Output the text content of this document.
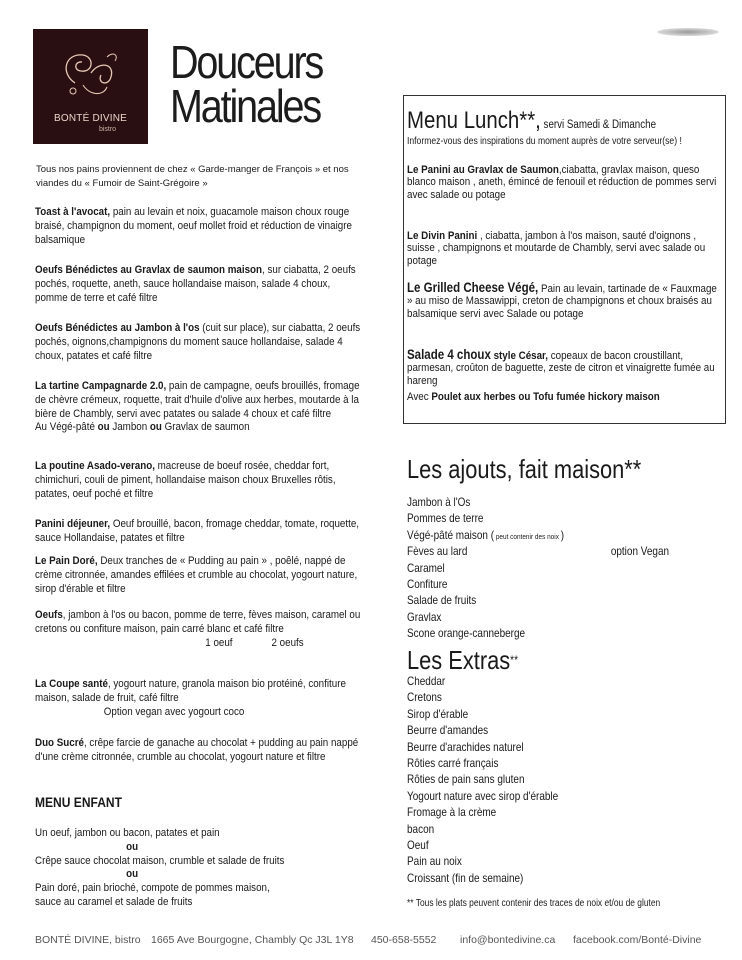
BONTÉ DIVINE
bistro
Douceurs
Matinales
Tous nos pains proviennent de chez « Garde-manger de François » et nos viandes du « Fumoir de Saint-Grégoire »
Toast à l'avocat, pain au levain et noix, guacamole maison choux rouge braisé, champignon du moment, oeuf mollet froid et réduction de vinaigre balsamique
Oeufs Bénédictes au Gravlax de saumon maison, sur ciabatta, 2 oeufs pochés, roquette, aneth, sauce hollandaise maison, salade 4 choux, pomme de terre et café filtre
Oeufs Bénédictes au Jambon à l'os (cuit sur place), sur ciabatta, 2 oeufs pochés, oignons,champignons du moment sauce hollandaise, salade 4 choux, patates et café filtre
La tartine Campagnarde 2.0, pain de campagne, oeufs brouillés, fromage de chèvre crémeux, roquette, trait d'huile d'olive aux herbes, moutarde à la bière de Chambly, servi avec patates ou salade 4 choux et café filtre
Au Végé-pâté ou Jambon ou Gravlax de saumon
La poutine Asado-verano, macreuse de boeuf rosée, cheddar fort, chimichuri, couli de piment, hollandaise maison choux Bruxelles rôtis, patates, oeuf poché et filtre
Panini déjeuner, Oeuf brouillé, bacon, fromage cheddar, tomate, roquette, sauce Hollandaise, patates et filtre
Le Pain Doré, Deux tranches de « Pudding au pain » , poêlé, nappé de crème citronnée, amandes effilées et crumble au chocolat, yogourt nature, sirop d'érable et filtre
Oeufs, jambon à l'os ou bacon, pomme de terre, fèves maison, caramel ou cretons ou confiture maison, pain carré blanc et café filtre
1 oeuf	2 oeufs
La Coupe santé, yogourt nature, granola maison bio protéiné, confiture maison, salade de fruit, café filtre
Option vegan avec yogourt coco
Duo Sucré, crêpe farcie de ganache au chocolat + pudding au pain nappé d'une crème citronnée, crumble au chocolat, yogourt nature et filtre
MENU ENFANT
Un oeuf, jambon ou bacon, patates et pain
ou
Crêpe sauce chocolat maison, crumble et salade de fruits
ou
Pain doré, pain brioché, compote de pommes maison,
sauce au caramel et salade de fruits
Menu Lunch**, servi Samedi & Dimanche
Informez-vous des inspirations du moment auprès de votre serveur(se) !
Le Panini au Gravlax de Saumon,ciabatta, gravlax maison, queso blanco maison , aneth, émincé de fenouil et réduction de pommes servi avec salade ou potage
Le Divin Panini , ciabatta, jambon à l'os maison, sauté d'oignons , suisse , champignons et moutarde de Chambly, servi avec salade ou potage
Le Grilled Cheese Végé, Pain au levain, tartinade de « Fauxmage » au miso de Massawippi, creton de champignons et choux braisés au balsamique servi avec Salade ou potage
Salade 4 choux style César, copeaux de bacon croustillant, parmesan, croûton de baguette, zeste de citron et vinaigrette fumée au hareng

Avec Poulet aux herbes ou Tofu fumée hickory maison
Les ajouts, fait maison**
Jambon à l'Os
Pommes de terre
Végé-pâté maison ( peut contenir des noix )
Fèves au lard	option Vegan
Caramel
Confiture
Salade de fruits
Gravlax
Scone orange-canneberge
Les Extras**
Cheddar
Cretons
Sirop d'érable
Beurre d'amandes
Beurre d'arachides naturel
Rôties carré français
Rôties de pain sans gluten
Yogourt nature avec sirop d'érable
Fromage à la crème
bacon
Oeuf
Pain au noix
Croissant (fin de semaine)
** Tous les plats peuvent contenir des traces de noix et/ou de gluten
BONTÉ DIVINE, bistro 1665 Ave Bourgogne, Chambly Qc J3L 1Y8 450-658-5552 info@bontedivine.ca facebook.com/Bonté-Divine
